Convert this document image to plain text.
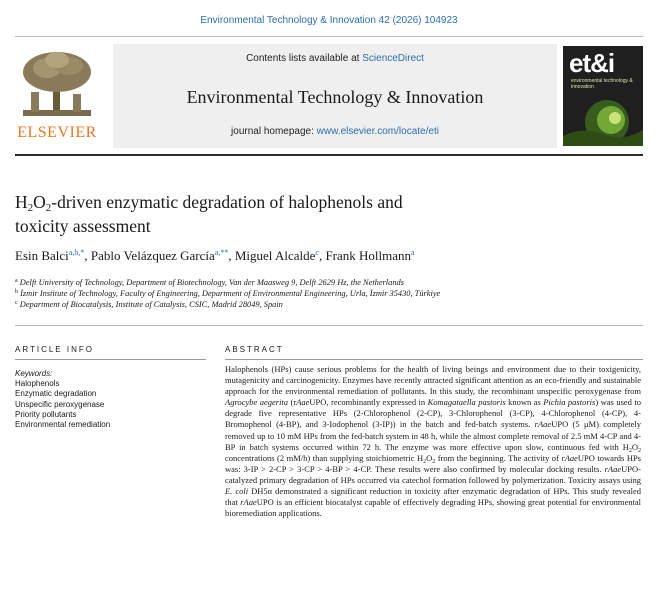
Environmental Technology & Innovation 42 (2026) 104923
ELSEVIER
Contents lists available at ScienceDirect
Environmental Technology & Innovation
journal homepage: www.elsevier.com/locate/eti
et&i
environmental technology & innovation
$H_2O_2$-driven enzymatic degradation of halophenols and
toxicity assessment
Esin Balci$^{a,b,*}$, Pablo Velázquez García$^{a,**}$, Miguel Alcalde$^c$, Frank Hollmann$^a$
$^a$ Delft University of Technology, Department of Biotechnology, Van der Maasweg 9, Delft 2629 Hz, the Netherlands
$^b$ İzmir Institute of Technology, Faculty of Engineering, Department of Environmental Engineering, Urla, İzmir 35430, Türkiye
$^c$ Department of Biocatalysis, Institute of Catalysis, CSIC, Madrid 28049, Spain
ARTICLE INFO	ABSTRACT
Keywords:
Halophenols
Enzymatic degradation
Unspecific peroxygenase
Priority pollutants
Environmental remediation
Halophenols (HPs) cause serious problems for the health of living beings and environment due to their toxigenicity, mutagenicity and carcinogenicity. Enzymes have recently attracted significant attention as an eco-friendly and sustainable approach for the environmental remediation of pollutants. In this study, the recombinant unspecific peroxygenase from Agrocybe aegerita (rAaeUPO, recombinantly expressed in Komagataella pastoris known as Pichia pastoris) was used to degrade five representative HPs (2-Chlorophenol (2-CP), 3-Chlorophenol (3-CP), 4-Chlorophenol (4-CP), 4-Bromophenol (4-BP), and 3-Iodophenol (3-IP)) in the batch and fed-batch systems. rAaeUPO (5 μM) completely removed up to 10 mM HPs from the fed-batch system in 48 h, while the almost complete removal of 2.5 mM 4-CP and 4-BP in batch systems occurred within 72 h. The enzyme was more effective upon slow, continuous fed with $H_2O_2$ concentrations (2 mM/h) than supplying stoichiometric $H_2O_2$ from the beginning. The activity of rAaeUPO towards HPs was: 3-IP > 2-CP > 3-CP > 4-BP > 4-CP. These results were also confirmed by molecular docking results. rAaeUPO-catalyzed primary degradation of HPs occurred via catechol formation followed by polymerization. Toxicity assays using E. coli DH5α demonstrated a significant reduction in toxicity after enzymatic degradation of HPs. This study revealed that rAaeUPO is an efficient biocatalyst capable of effectively degrading HPs, showing great potential for environmental bioremediation applications.
